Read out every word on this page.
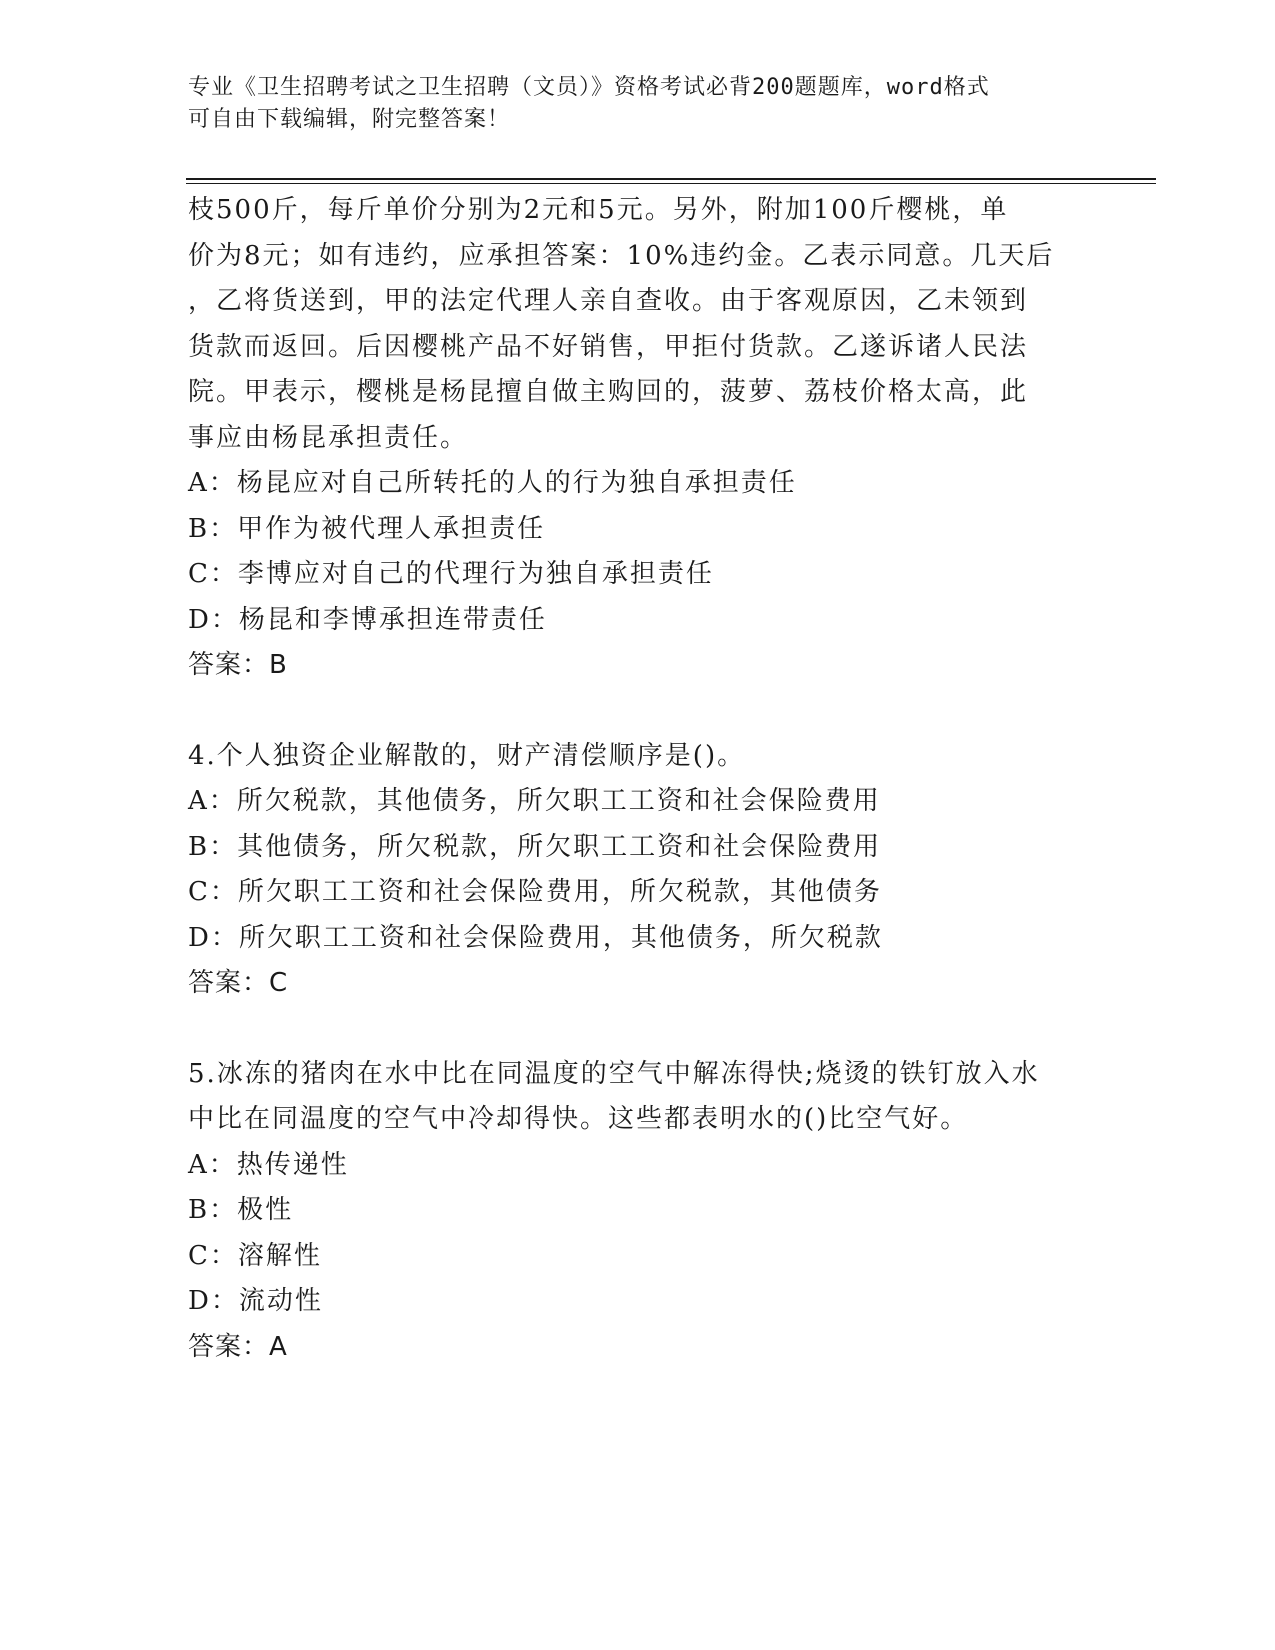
专业《卫生招聘考试之卫生招聘（文员）》资格考试必背200题题库，word格式
可自由下载编辑，附完整答案！

枝500斤，每斤单价分别为2元和5元。另外，附加100斤樱桃，单

价为8元；如有违约，应承担答案：10%违约金。乙表示同意。几天后

，乙将货送到，甲的法定代理人亲自查收。由于客观原因，乙未领到

货款而返回。后因樱桃产品不好销售，甲拒付货款。乙遂诉诸人民法

院。甲表示，樱桃是杨昆擅自做主购回的，菠萝、荔枝价格太高，此

事应由杨昆承担责任。

A：杨昆应对自己所转托的人的行为独自承担责任

B：甲作为被代理人承担责任

C：李博应对自己的代理行为独自承担责任

D：杨昆和李博承担连带责任

答案：B

4.个人独资企业解散的，财产清偿顺序是()。

A：所欠税款，其他债务，所欠职工工资和社会保险费用

B：其他债务，所欠税款，所欠职工工资和社会保险费用

C：所欠职工工资和社会保险费用，所欠税款，其他债务

D：所欠职工工资和社会保险费用，其他债务，所欠税款

答案：C

5.冰冻的猪肉在水中比在同温度的空气中解冻得快;烧烫的铁钉放入水

中比在同温度的空气中冷却得快。这些都表明水的()比空气好。

A：热传递性

B：极性

C：溶解性

D：流动性

答案：A
